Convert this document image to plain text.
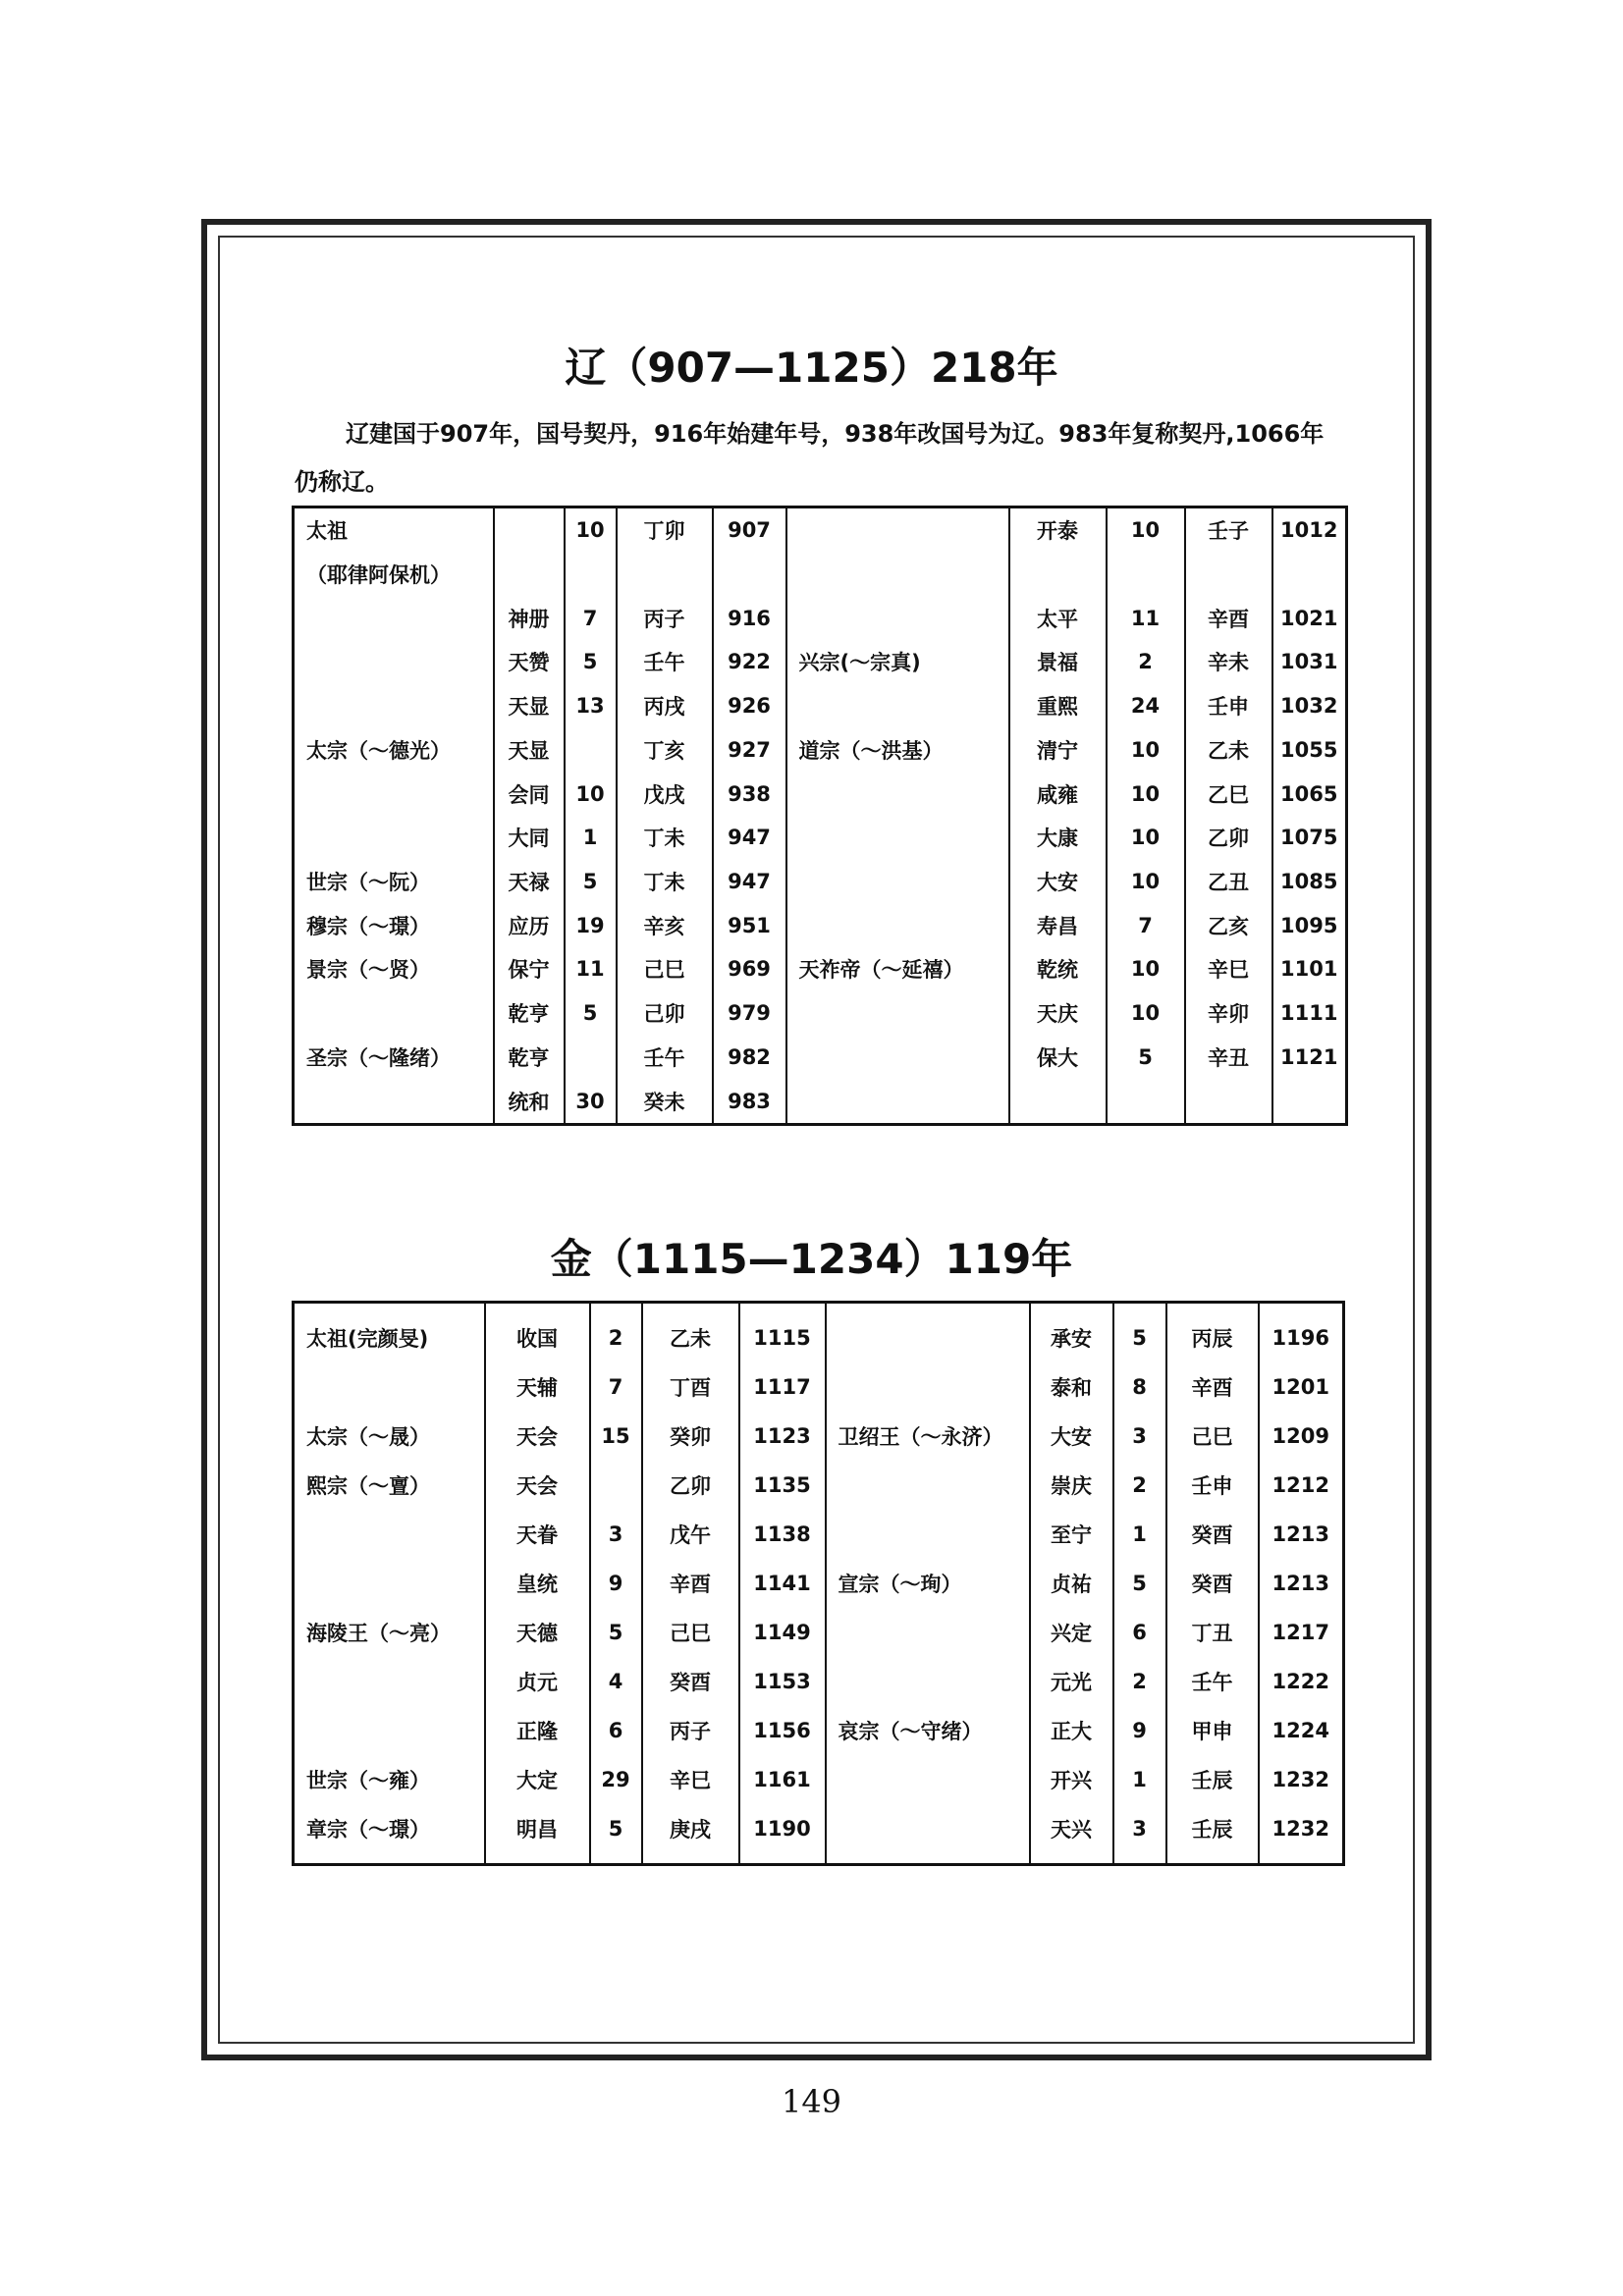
辽（907—1125）218年

辽建国于907年，国号契丹，916年始建年号，938年改国号为辽。983年复称契丹,1066年仍称辽。

太祖		10	丁卯	907		开泰	10	壬子	1012
（耶律阿保机）									
	神册	7	丙子	916		太平	11	辛酉	1021
	天赞	5	壬午	922	兴宗(～宗真)	景福	2	辛未	1031
	天显	13	丙戌	926		重熙	24	壬申	1032
太宗（～德光）	天显		丁亥	927	道宗（～洪基）	清宁	10	乙未	1055
	会同	10	戊戌	938		咸雍	10	乙巳	1065
	大同	1	丁未	947		大康	10	乙卯	1075
世宗（～阮）	天禄	5	丁未	947		大安	10	乙丑	1085
穆宗（～璟）	应历	19	辛亥	951		寿昌	7	乙亥	1095
景宗（～贤）	保宁	11	己巳	969	天祚帝（～延禧）	乾统	10	辛巳	1101
	乾亨	5	己卯	979		天庆	10	辛卯	1111
圣宗（～隆绪）	乾亨		壬午	982		保大	5	辛丑	1121
	统和	30	癸未	983					
金（1115—1234）119年

太祖(完颜旻)	收国	2	乙未	1115		承安	5	丙辰	1196
	天辅	7	丁酉	1117		泰和	8	辛酉	1201
太宗（～晟）	天会	15	癸卯	1123	卫绍王（～永济）	大安	3	己巳	1209
熙宗（～亶）	天会		乙卯	1135		崇庆	2	壬申	1212
	天眷	3	戊午	1138		至宁	1	癸酉	1213
	皇统	9	辛酉	1141	宣宗（～珣）	贞祐	5	癸酉	1213
海陵王（～亮）	天德	5	己巳	1149		兴定	6	丁丑	1217
	贞元	4	癸酉	1153		元光	2	壬午	1222
	正隆	6	丙子	1156	哀宗（～守绪）	正大	9	甲申	1224
世宗（～雍）	大定	29	辛巳	1161		开兴	1	壬辰	1232
章宗（～璟）	明昌	5	庚戌	1190		天兴	3	壬辰	1232

149
